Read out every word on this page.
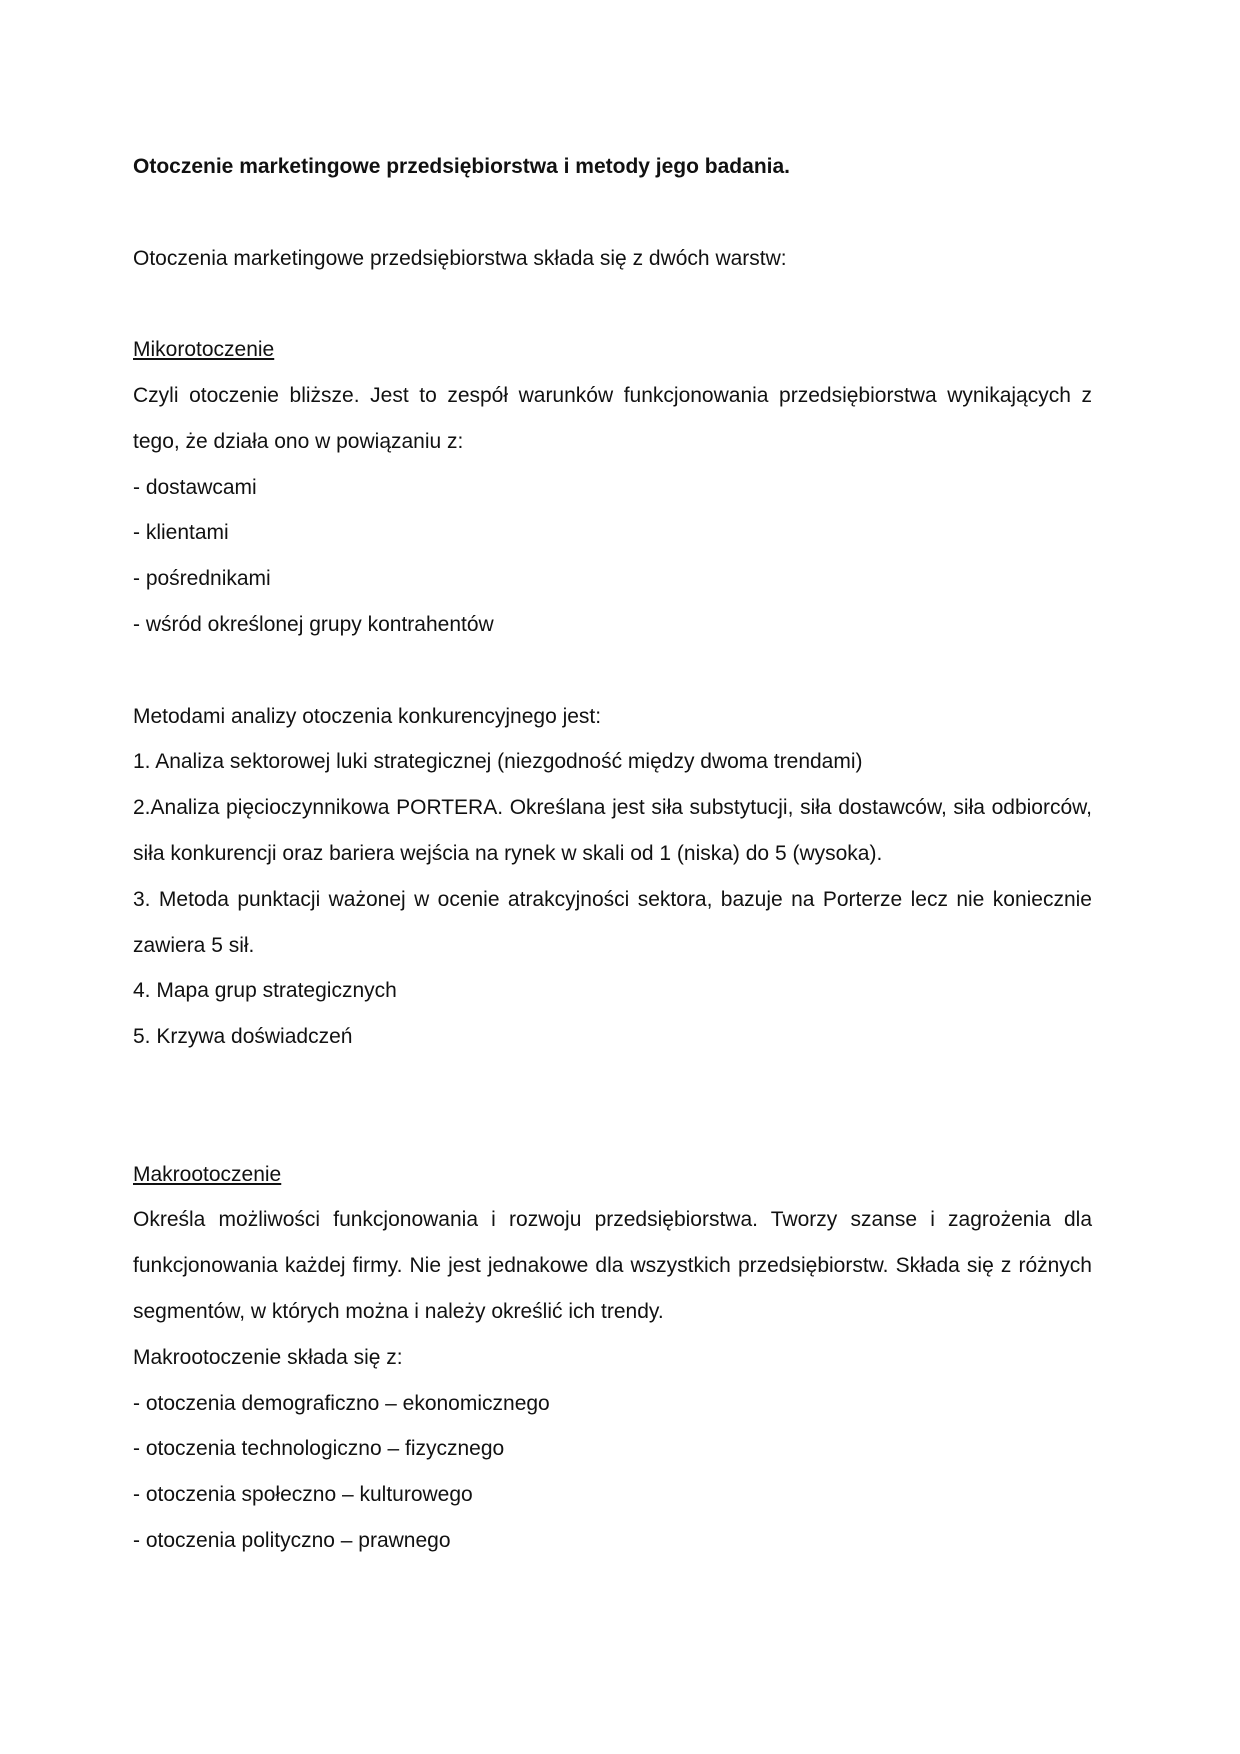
Otoczenie marketingowe przedsiębiorstwa i metody jego badania.

Otoczenia marketingowe przedsiębiorstwa składa się z dwóch warstw:

Mikorotoczenie

Czyli otoczenie bliższe. Jest to zespół warunków funkcjonowania przedsiębiorstwa wynikających z tego, że działa ono w powiązaniu z:

- dostawcami
- klientami
- pośrednikami
- wśród określonej grupy kontrahentów

Metodami analizy otoczenia konkurencyjnego jest:

1. Analiza sektorowej luki strategicznej (niezgodność między dwoma trendami)
2.Analiza pięcioczynnikowa PORTERA. Określana jest siła substytucji, siła dostawców, siła odbiorców, siła konkurencji oraz bariera wejścia na rynek w skali od 1 (niska) do 5 (wysoka).
3. Metoda punktacji ważonej w ocenie atrakcyjności sektora, bazuje na Porterze lecz nie koniecznie zawiera 5 sił.
4. Mapa grup strategicznych
5. Krzywa doświadczeń

Makrootoczenie

Określa możliwości funkcjonowania i rozwoju przedsiębiorstwa. Tworzy szanse i zagrożenia dla funkcjonowania każdej firmy. Nie jest jednakowe dla wszystkich przedsiębiorstw. Składa się z różnych segmentów, w których można i należy określić ich trendy.

Makrootoczenie składa się z:

- otoczenia demograficzno – ekonomicznego
- otoczenia technologiczno – fizycznego
- otoczenia społeczno – kulturowego
- otoczenia polityczno – prawnego
